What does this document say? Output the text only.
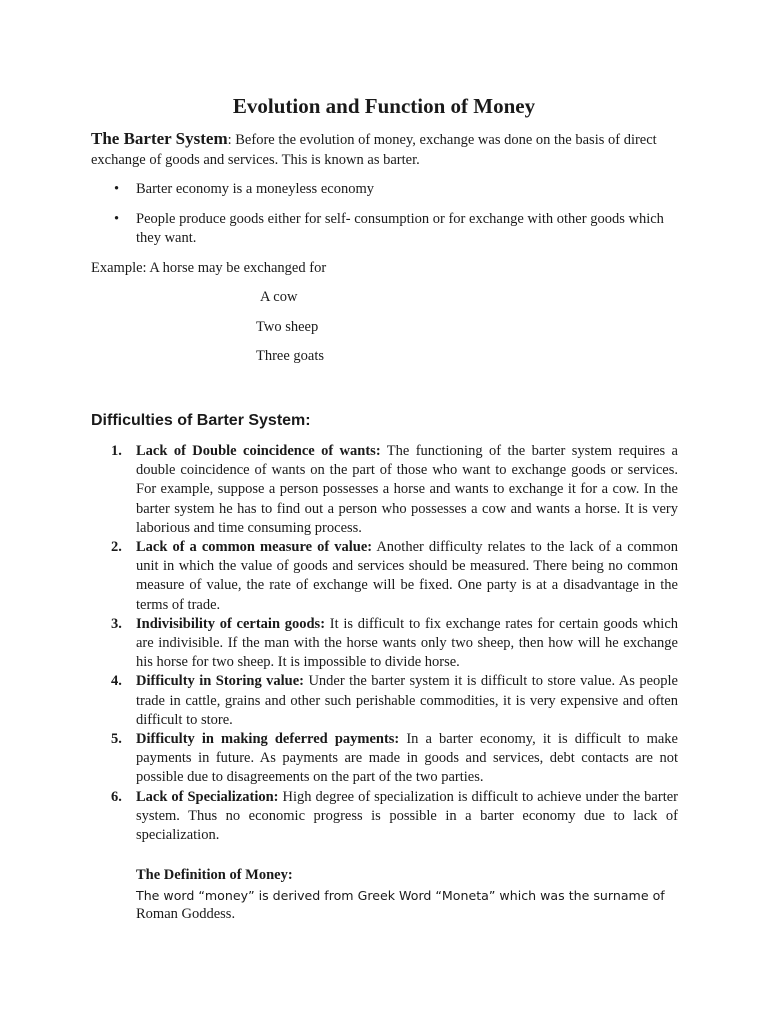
Evolution and Function of Money
The Barter System: Before the evolution of money, exchange was done on the basis of direct exchange of goods and services. This is known as barter.
• Barter economy is a moneyless economy
• People produce goods either for self- consumption or for exchange with other goods which they want.
Example: A horse may be exchanged for
A cow
Two sheep
Three goats
Difficulties of Barter System:
1. Lack of Double coincidence of wants: The functioning of the barter system requires a double coincidence of wants on the part of those who want to exchange goods or services. For example, suppose a person possesses a horse and wants to exchange it for a cow. In the barter system he has to find out a person who possesses a cow and wants a horse. It is very laborious and time consuming process.
2. Lack of a common measure of value: Another difficulty relates to the lack of a common unit in which the value of goods and services should be measured. There being no common measure of value, the rate of exchange will be fixed. One party is at a disadvantage in the terms of trade.
3. Indivisibility of certain goods: It is difficult to fix exchange rates for certain goods which are indivisible. If the man with the horse wants only two sheep, then how will he exchange his horse for two sheep. It is impossible to divide horse.
4. Difficulty in Storing value: Under the barter system it is difficult to store value. As people trade in cattle, grains and other such perishable commodities, it is very expensive and often difficult to store.
5. Difficulty in making deferred payments: In a barter economy, it is difficult to make payments in future. As payments are made in goods and services, debt contacts are not possible due to disagreements on the part of the two parties.
6. Lack of Specialization: High degree of specialization is difficult to achieve under the barter system. Thus no economic progress is possible in a barter economy due to lack of specialization.
The Definition of Money:
The word “money” is derived from Greek Word “Moneta” which was the surname of
Roman Goddess.
